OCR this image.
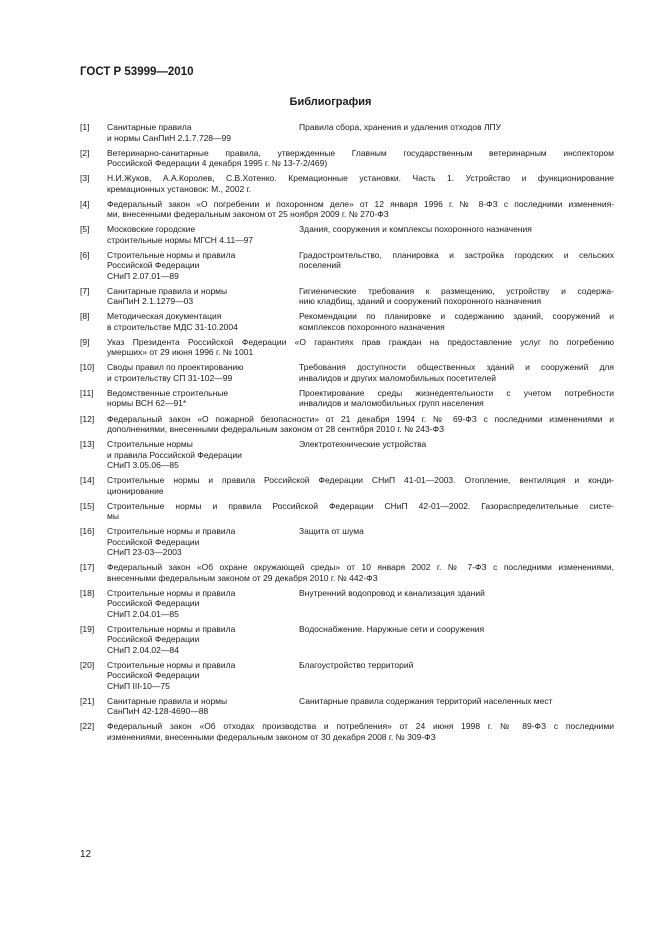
ГОСТ Р 53999—2010
Библиография
[1] Санитарные правила
и нормы СанПиН 2.1.7.728—99
Правила сбора, хранения и удаления отходов ЛПУ
[2] Ветеринарно-санитарные правила, утвержденные Главным государственным ветеринарным инспектором
Российской Федерации 4 декабря 1995 г. № 13-7-2/469)
[3] Н.И.Жуков, А.А.Королев, С.В.Хотенко. Кремационные установки. Часть 1. Устройство и функционирование
кремационных установок: М., 2002 г.
[4] Федеральный закон «О погребении и похоронном деле» от 12 января 1996 г. № 8-ФЗ с последними изменения-
ми, внесенными федеральным законом от 25 ноября 2009 г. № 270-ФЗ
[5] Московские городские
строительные нормы МГСН 4.11—97
Здания, сооружения и комплексы похоронного назначения
[6] Строительные нормы и правила
Российской Федерации
СНиП 2.07.01—89
Градостроительство, планировка и застройка городских и сельских
поселений
[7] Санитарные правила и нормы
СанПиН 2.1.1279—03
Гигиенические требования к размещению, устройству и содержа-
нию кладбищ, зданий и сооружений похоронного назначения
[8] Методическая документация
в строительстве МДС 31-10.2004
Рекомендации по планировке и содержанию зданий, сооружений и
комплексов похоронного назначения
[9] Указ Президента Российской Федерации «О гарантиях прав граждан на предоставление услуг по погребению
умерших» от 29 июня 1996 г. № 1001
[10] Своды правил по проектированию
и строительству СП 31-102—99
Требования доступности общественных зданий и сооружений для
инвалидов и других маломобильных посетителей
[11] Ведомственные строительные
нормы ВСН 62—91*
Проектирование среды жизнедеятельности с учетом потребности
инвалидов и маломобильных групп населения
[12] Федеральный закон «О пожарной безопасности» от 21 декабря 1994 г. № 69-ФЗ с последними изменениями и
дополнениями, внесенными федеральным законом от 28 сентября 2010 г. № 243-ФЗ
[13] Строительные нормы
и правила Российской Федерации
СНиП 3.05.06—85
Электротехнические устройства
[14] Строительные нормы и правила Российской Федерации СНиП 41-01—2003. Отопление, вентиляция и конди-
ционирование
[15] Строительные нормы и правила Российской Федерации СНиП 42-01—2002. Газораспределительные систе-
мы
[16] Строительные нормы и правила
Российской Федерации
СНиП 23-03—2003
Защита от шума
[17] Федеральный закон «Об охране окружающей среды» от 10 января 2002 г. № 7-ФЗ с последними изменениями,
внесенными федеральным законом от 29 декабря 2010 г. № 442-ФЗ
[18] Строительные нормы и правила
Российской Федерации
СНиП 2.04.01—85
Внутренний водопровод и канализация зданий
[19] Строительные нормы и правила
Российской Федерации
СНиП 2.04.02—84
Водоснабжение. Наружные сети и сооружения
[20] Строительные нормы и правила
Российской Федерации
СНиП III-10—75
Благоустройство территорий
[21] Санитарные правила и нормы
СанПиН 42-128-4690—88
Санитарные правила содержания территорий населенных мест
[22] Федеральный закон «Об отходах производства и потребления» от 24 июня 1998 г. № 89-ФЗ с последними
изменениями, внесенными федеральным законом от 30 декабря 2008 г. № 309-ФЗ
12
